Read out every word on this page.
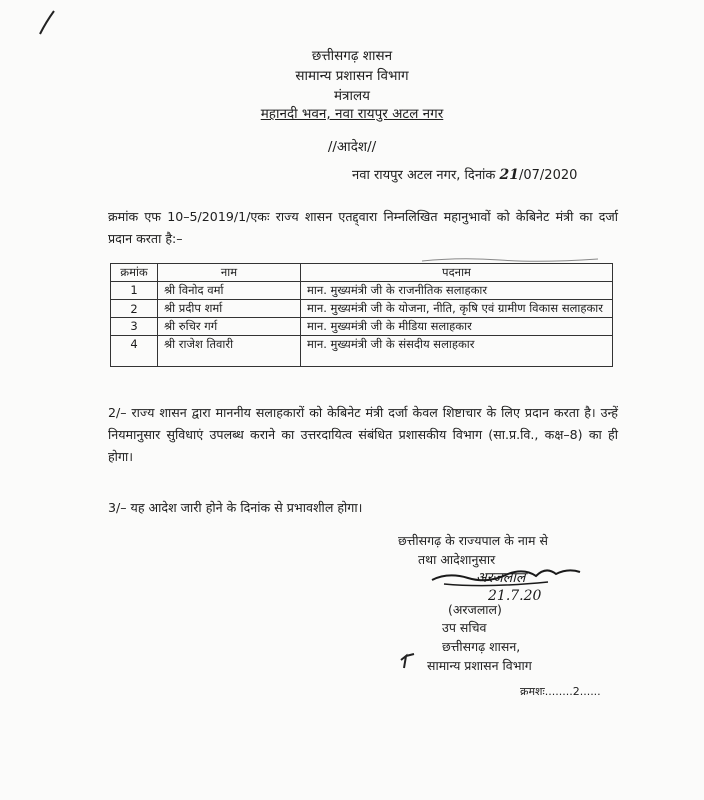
छत्तीसगढ़ शासन
सामान्य प्रशासन विभाग
मंत्रालय
महानदी भवन, नवा रायपुर अटल नगर
//आदेश//
नवा रायपुर अटल नगर, दिनांक 21/07/2020
क्रमांक एफ 10–5/2019/1/एकः राज्य शासन एतद्द्वारा निम्नलिखित महानुभावों को केबिनेट मंत्री का दर्जा प्रदान करता है:–
क्रमांक	नाम	पदनाम
1	श्री विनोद वर्मा	मान. मुख्यमंत्री जी के राजनीतिक सलाहकार
2	श्री प्रदीप शर्मा	मान. मुख्यमंत्री जी के योजना, नीति, कृषि एवं ग्रामीण विकास सलाहकार
3	श्री रुचिर गर्ग	मान. मुख्यमंत्री जी के मीडिया सलाहकार
4	श्री राजेश तिवारी	मान. मुख्यमंत्री जी के संसदीय सलाहकार
2/– राज्य शासन द्वारा माननीय सलाहकारों को केबिनेट मंत्री दर्जा केवल शिष्टाचार के लिए प्रदान करता है। उन्हें नियमानुसार सुविधाएं उपलब्ध कराने का उत्तरदायित्व संबंधित प्रशासकीय विभाग (सा.प्र.वि., कक्ष–8) का ही होगा।
3/– यह आदेश जारी होने के दिनांक से प्रभावशील होगा।
छत्तीसगढ़ के राज्यपाल के नाम से
तथा आदेशानुसार
अरजलाल
21.7.20
(अरजलाल)
उप सचिव
छत्तीसगढ़ शासन,
सामान्य प्रशासन विभाग
क्रमशः........2......
